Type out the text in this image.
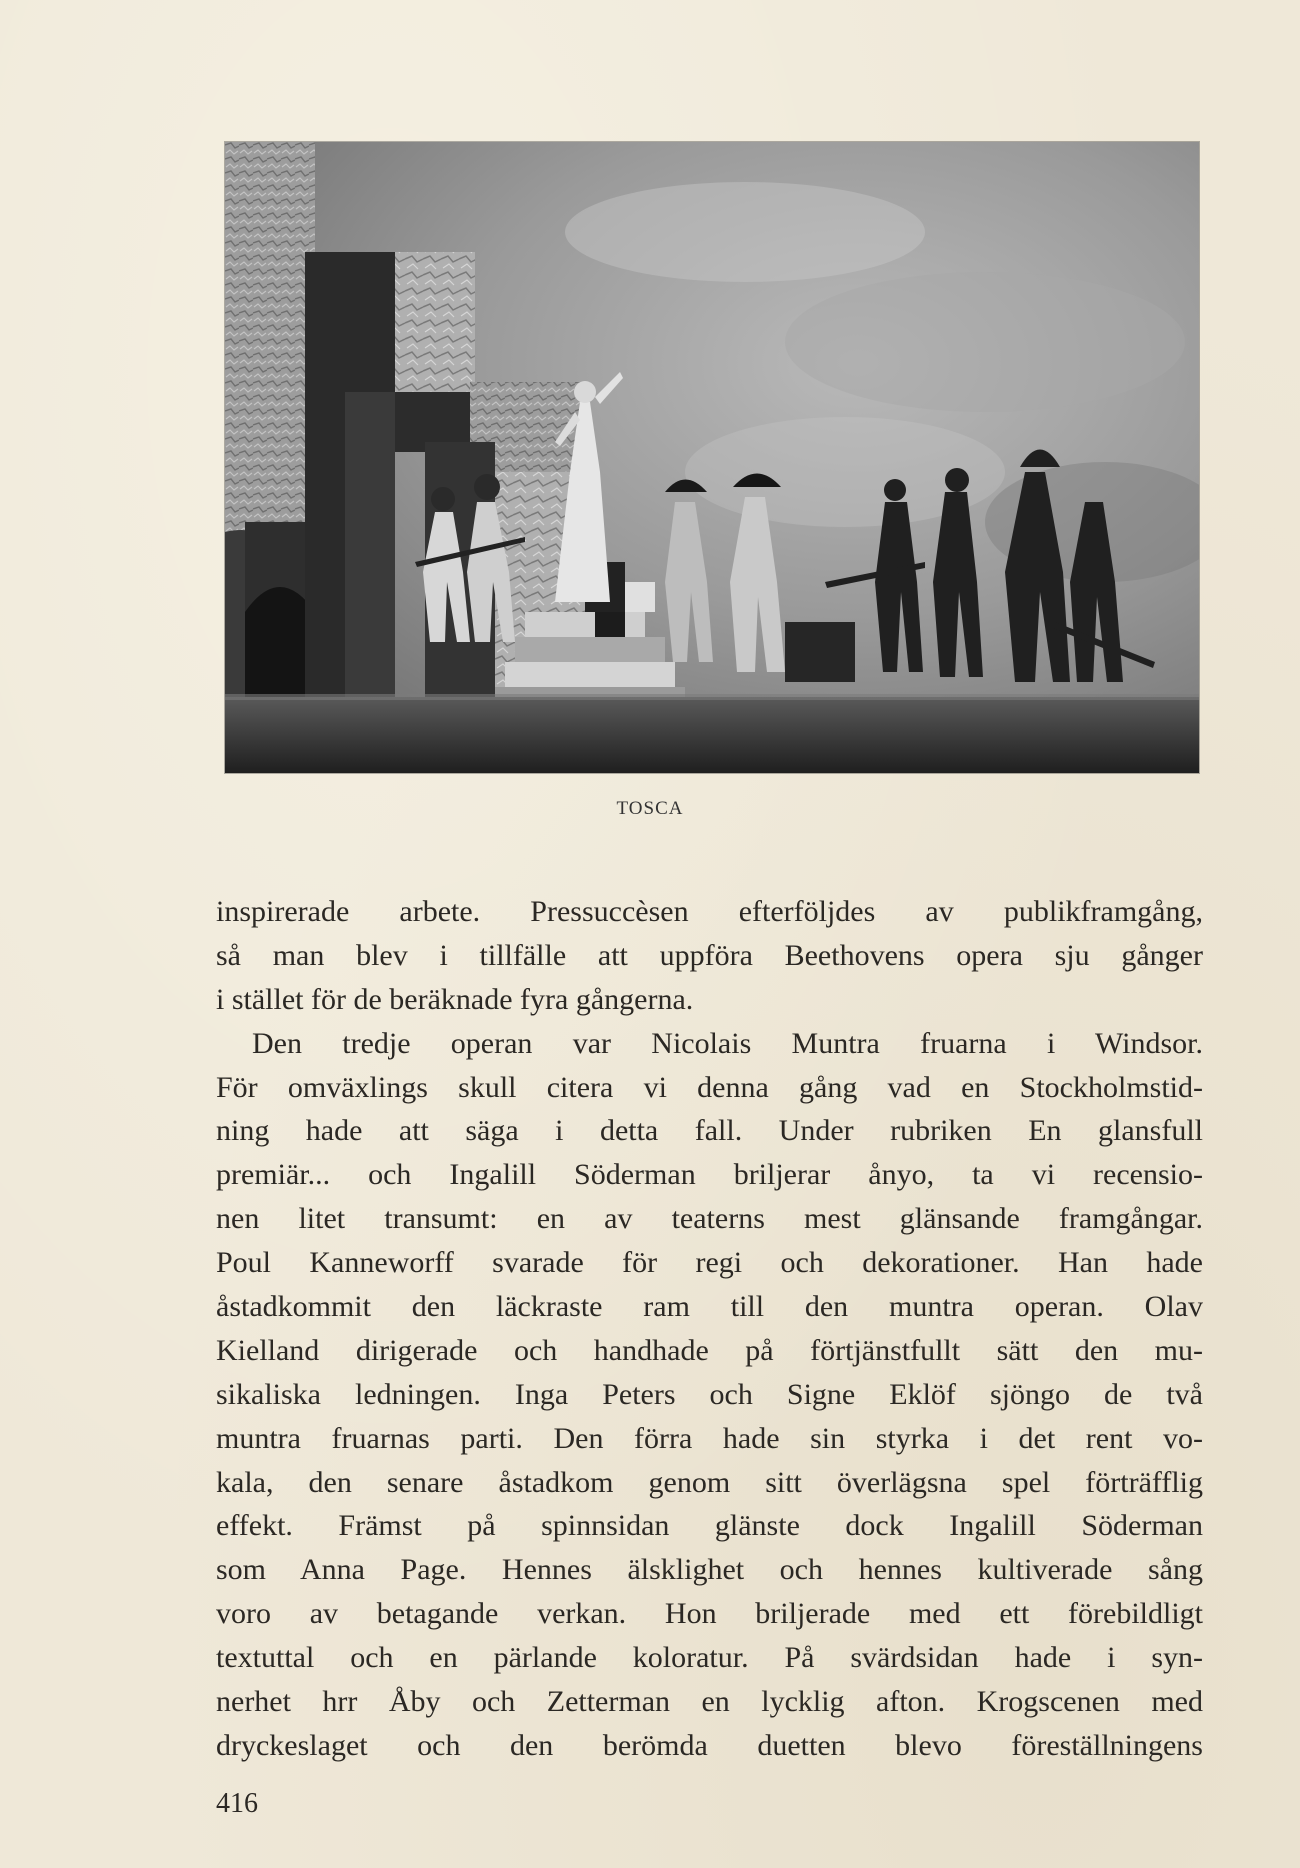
TOSCA
inspirerade arbete. Pressuccèsen efterföljdes av publikframgång,
så man blev i tillfälle att uppföra Beethovens opera sju gånger
i stället för de beräknade fyra gångerna.
Den tredje operan var Nicolais Muntra fruarna i Windsor.
För omväxlings skull citera vi denna gång vad en Stockholmstid-
ning hade att säga i detta fall. Under rubriken En glansfull
premiär... och Ingalill Söderman briljerar ånyo, ta vi recensio-
nen litet transumt: en av teaterns mest glänsande framgångar.
Poul Kanneworff svarade för regi och dekorationer. Han hade
åstadkommit den läckraste ram till den muntra operan. Olav
Kielland dirigerade och handhade på förtjänstfullt sätt den mu-
sikaliska ledningen. Inga Peters och Signe Eklöf sjöngo de två
muntra fruarnas parti. Den förra hade sin styrka i det rent vo-
kala, den senare åstadkom genom sitt överlägsna spel förträfflig
effekt. Främst på spinnsidan glänste dock Ingalill Söderman
som Anna Page. Hennes älsklighet och hennes kultiverade sång
voro av betagande verkan. Hon briljerade med ett förebildligt
textuttal och en pärlande koloratur. På svärdsidan hade i syn-
nerhet hrr Åby och Zetterman en lycklig afton. Krogscenen med
dryckeslaget och den berömda duetten blevo föreställningens
416
